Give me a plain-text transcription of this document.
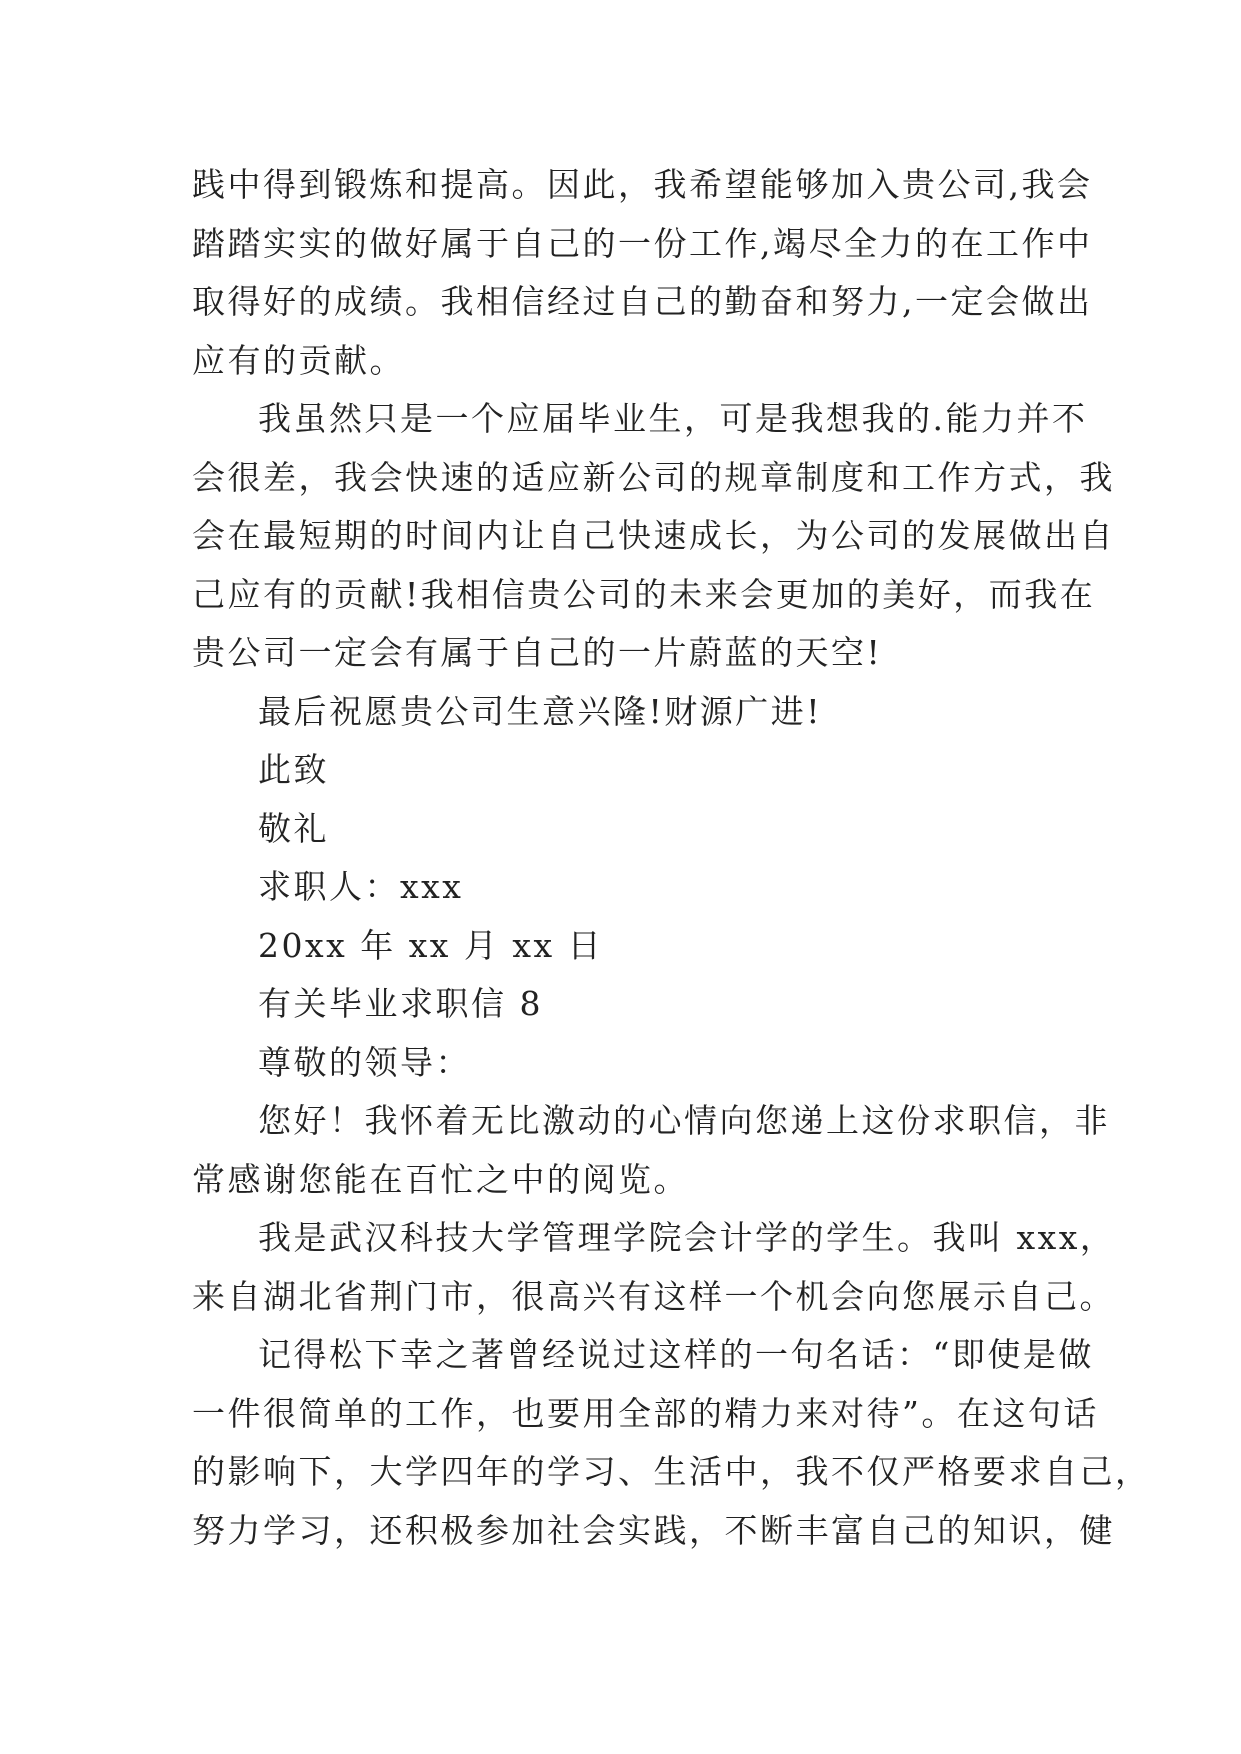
践中得到锻炼和提高。因此，我希望能够加入贵公司,我会
踏踏实实的做好属于自己的一份工作,竭尽全力的在工作中
取得好的成绩。我相信经过自己的勤奋和努力,一定会做出
应有的贡献。
我虽然只是一个应届毕业生，可是我想我的.能力并不
会很差，我会快速的适应新公司的规章制度和工作方式，我
会在最短期的时间内让自己快速成长，为公司的发展做出自
己应有的贡献!我相信贵公司的未来会更加的美好，而我在
贵公司一定会有属于自己的一片蔚蓝的天空!
最后祝愿贵公司生意兴隆!财源广进!
此致
敬礼
求职人：xxx
20xx 年 xx 月 xx 日
有关毕业求职信 8
尊敬的领导：
您好！我怀着无比激动的心情向您递上这份求职信，非
常感谢您能在百忙之中的阅览。
我是武汉科技大学管理学院会计学的学生。我叫 xxx，
来自湖北省荆门市，很高兴有这样一个机会向您展示自己。
记得松下幸之著曾经说过这样的一句名话：“即使是做
一件很简单的工作，也要用全部的精力来对待”。在这句话
的影响下，大学四年的学习、生活中，我不仅严格要求自己，
努力学习，还积极参加社会实践，不断丰富自己的知识，健
